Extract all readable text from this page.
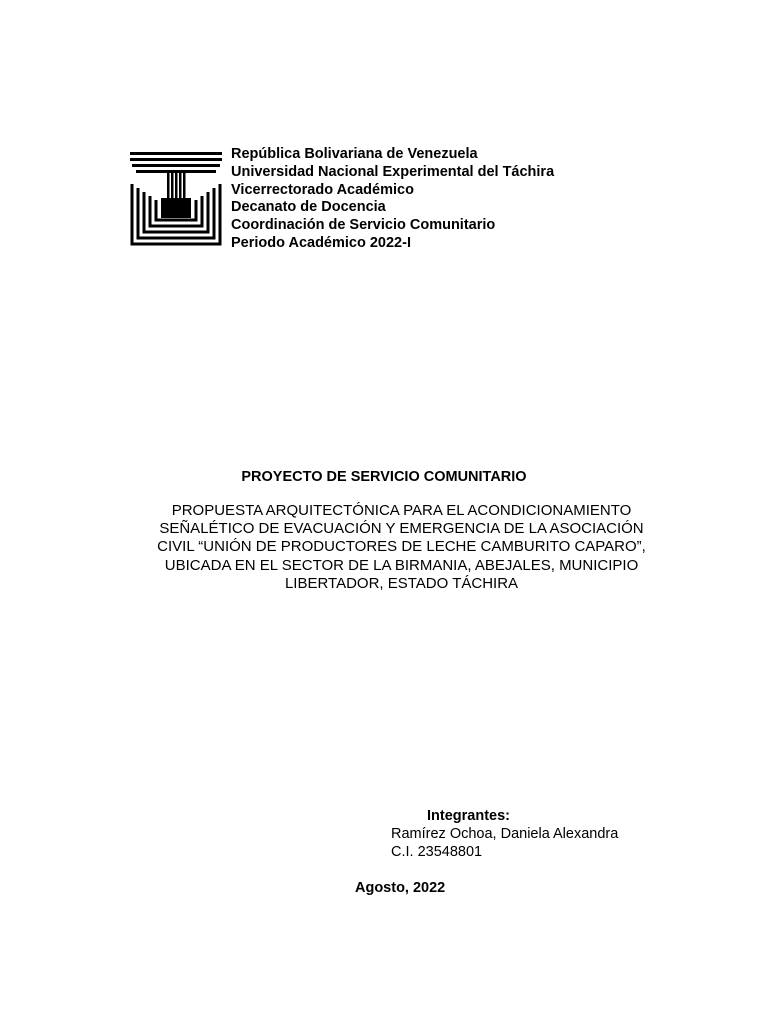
República Bolivariana de Venezuela
Universidad Nacional Experimental del Táchira
Vicerrectorado Académico
Decanato de Docencia
Coordinación de Servicio Comunitario
Periodo Académico 2022-I
PROYECTO DE SERVICIO COMUNITARIO
PROPUESTA ARQUITECTÓNICA PARA EL ACONDICIONAMIENTO
SEÑALÉTICO DE EVACUACIÓN Y EMERGENCIA DE LA ASOCIACIÓN
CIVIL “UNIÓN DE PRODUCTORES DE LECHE CAMBURITO CAPARO”,
UBICADA EN EL SECTOR DE LA BIRMANIA, ABEJALES, MUNICIPIO
LIBERTADOR, ESTADO TÁCHIRA
Integrantes:
Ramírez Ochoa, Daniela Alexandra
C.I. 23548801
Agosto, 2022
